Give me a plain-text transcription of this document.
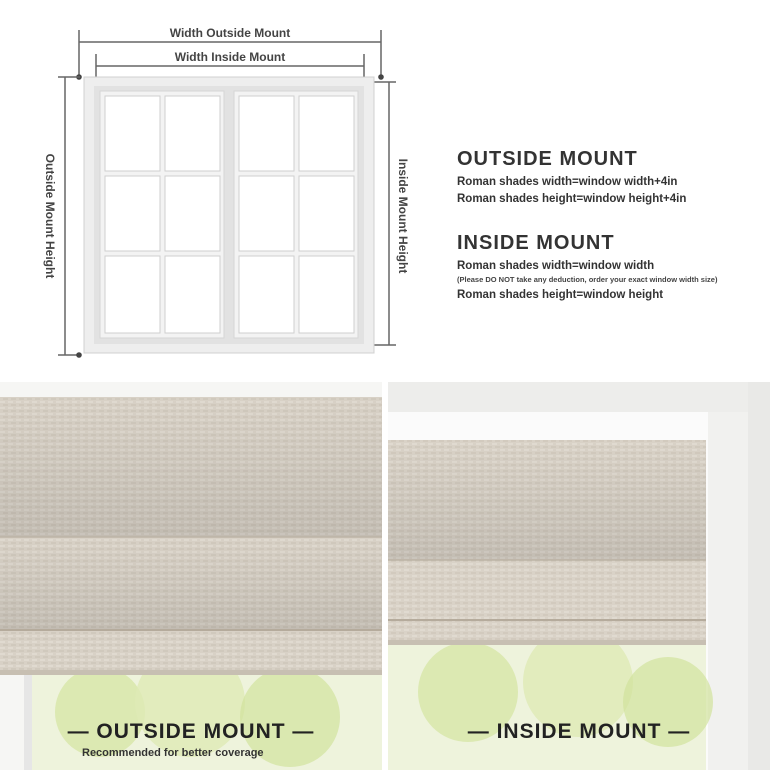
Width Outside Mount
Width Inside Mount
Outside Mount Height	Inside Mount Height OUTSIDE MOUNT
Roman shades width=window width+4in
Roman shades height=window height+4in
INSIDE MOUNT
Roman shades width=window width
(Please DO NOT take any deduction, order your exact window width size)
Roman shades height=window height
— OUTSIDE MOUNT —
Recommended for better coverage
— INSIDE MOUNT —
